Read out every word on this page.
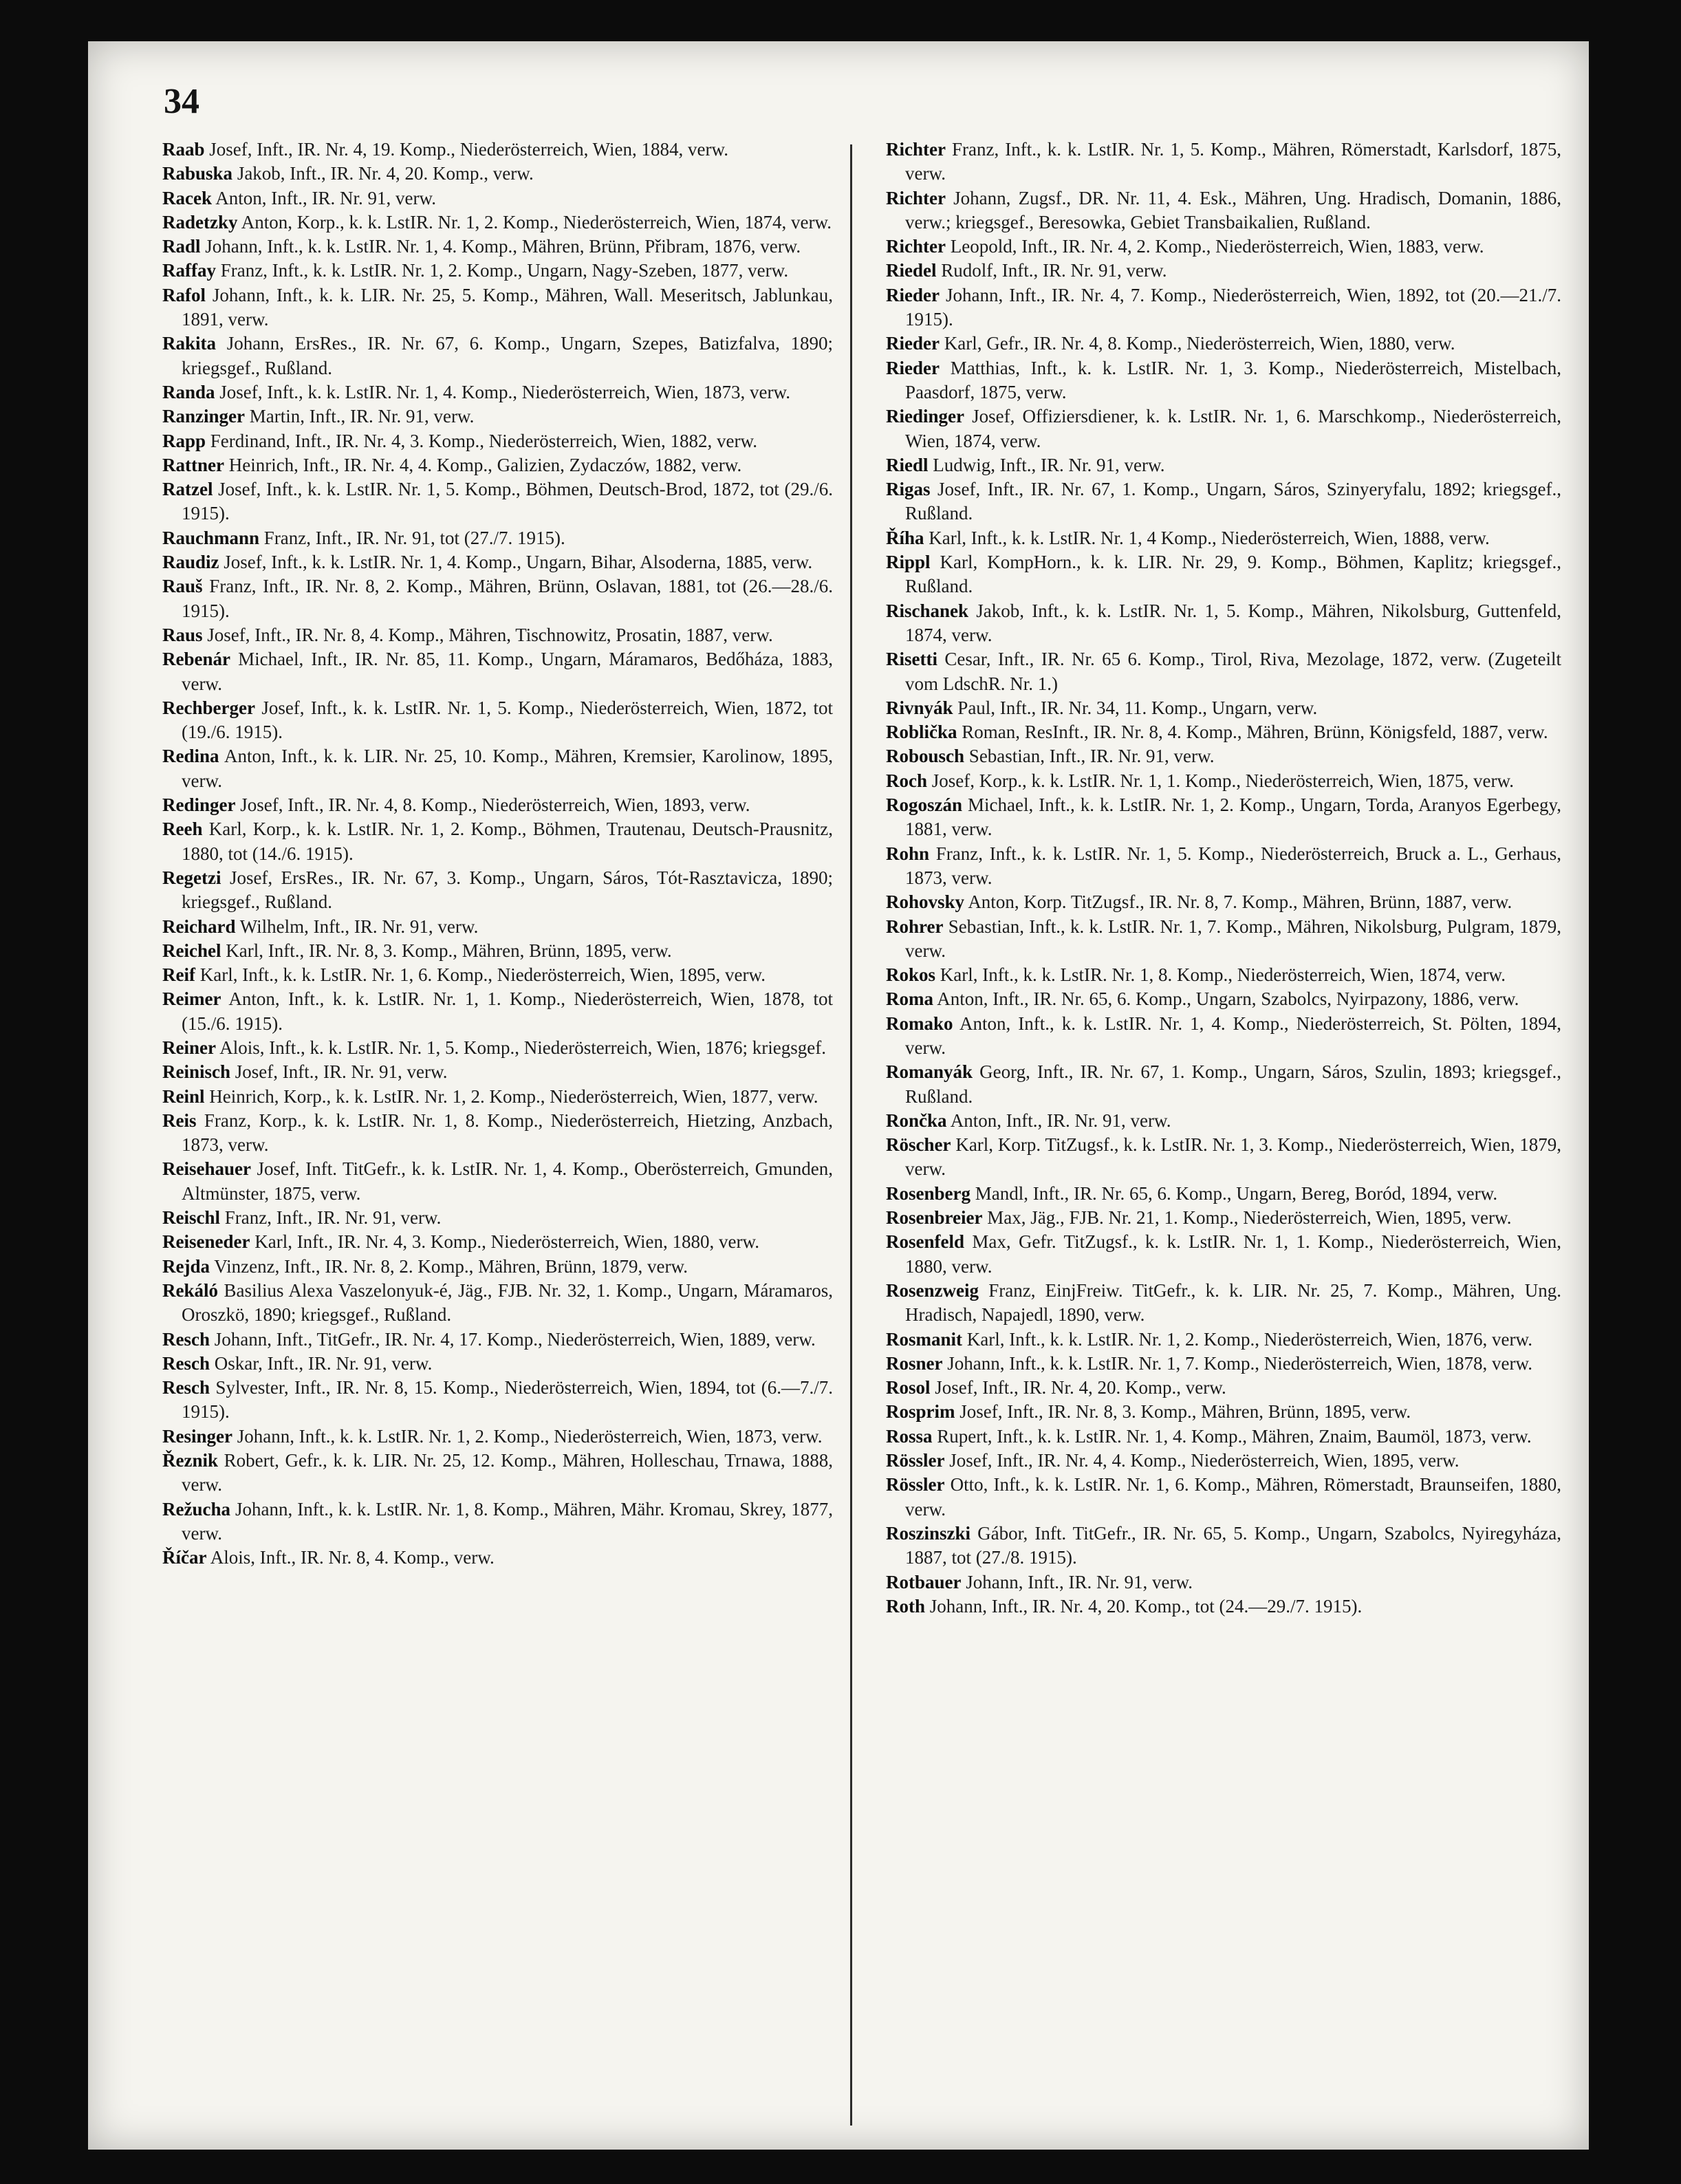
34
Raab Josef, Inft., IR. Nr. 4, 19. Komp., Niederösterreich, Wien, 1884, verw.
Rabuska Jakob, Inft., IR. Nr. 4, 20. Komp., verw.
Racek Anton, Inft., IR. Nr. 91, verw.
Radetzky Anton, Korp., k. k. LstIR. Nr. 1, 2. Komp., Niederösterreich, Wien, 1874, verw.
Radl Johann, Inft., k. k. LstIR. Nr. 1, 4. Komp., Mähren, Brünn, Přibram, 1876, verw.
Raffay Franz, Inft., k. k. LstIR. Nr. 1, 2. Komp., Ungarn, Nagy-Szeben, 1877, verw.
Rafol Johann, Inft., k. k. LIR. Nr. 25, 5. Komp., Mähren, Wall. Meseritsch, Jablunkau, 1891, verw.
Rakita Johann, ErsRes., IR. Nr. 67, 6. Komp., Ungarn, Szepes, Batizfalva, 1890; kriegsgef., Rußland.
Randa Josef, Inft., k. k. LstIR. Nr. 1, 4. Komp., Niederösterreich, Wien, 1873, verw.
Ranzinger Martin, Inft., IR. Nr. 91, verw.
Rapp Ferdinand, Inft., IR. Nr. 4, 3. Komp., Niederösterreich, Wien, 1882, verw.
Rattner Heinrich, Inft., IR. Nr. 4, 4. Komp., Galizien, Zydaczów, 1882, verw.
Ratzel Josef, Inft., k. k. LstIR. Nr. 1, 5. Komp., Böhmen, Deutsch-Brod, 1872, tot (29./6. 1915).
Rauchmann Franz, Inft., IR. Nr. 91, tot (27./7. 1915).
Raudiz Josef, Inft., k. k. LstIR. Nr. 1, 4. Komp., Ungarn, Bihar, Alsoderna, 1885, verw.
Rauš Franz, Inft., IR. Nr. 8, 2. Komp., Mähren, Brünn, Oslavan, 1881, tot (26.—28./6. 1915).
Raus Josef, Inft., IR. Nr. 8, 4. Komp., Mähren, Tischnowitz, Prosatin, 1887, verw.
Rebenár Michael, Inft., IR. Nr. 85, 11. Komp., Ungarn, Máramaros, Bedőháza, 1883, verw.
Rechberger Josef, Inft., k. k. LstIR. Nr. 1, 5. Komp., Niederösterreich, Wien, 1872, tot (19./6. 1915).
Redina Anton, Inft., k. k. LIR. Nr. 25, 10. Komp., Mähren, Kremsier, Karolinow, 1895, verw.
Redinger Josef, Inft., IR. Nr. 4, 8. Komp., Niederösterreich, Wien, 1893, verw.
Reeh Karl, Korp., k. k. LstIR. Nr. 1, 2. Komp., Böhmen, Trautenau, Deutsch-Prausnitz, 1880, tot (14./6. 1915).
Regetzi Josef, ErsRes., IR. Nr. 67, 3. Komp., Ungarn, Sáros, Tót-Rasztavicza, 1890; kriegsgef., Rußland.
Reichard Wilhelm, Inft., IR. Nr. 91, verw.
Reichel Karl, Inft., IR. Nr. 8, 3. Komp., Mähren, Brünn, 1895, verw.
Reif Karl, Inft., k. k. LstIR. Nr. 1, 6. Komp., Niederösterreich, Wien, 1895, verw.
Reimer Anton, Inft., k. k. LstIR. Nr. 1, 1. Komp., Niederösterreich, Wien, 1878, tot (15./6. 1915).
Reiner Alois, Inft., k. k. LstIR. Nr. 1, 5. Komp., Niederösterreich, Wien, 1876; kriegsgef.
Reinisch Josef, Inft., IR. Nr. 91, verw.
Reinl Heinrich, Korp., k. k. LstIR. Nr. 1, 2. Komp., Niederösterreich, Wien, 1877, verw.
Reis Franz, Korp., k. k. LstIR. Nr. 1, 8. Komp., Niederösterreich, Hietzing, Anzbach, 1873, verw.
Reisehauer Josef, Inft. TitGefr., k. k. LstIR. Nr. 1, 4. Komp., Oberösterreich, Gmunden, Altmünster, 1875, verw.
Reischl Franz, Inft., IR. Nr. 91, verw.
Reiseneder Karl, Inft., IR. Nr. 4, 3. Komp., Niederösterreich, Wien, 1880, verw.
Rejda Vinzenz, Inft., IR. Nr. 8, 2. Komp., Mähren, Brünn, 1879, verw.
Rekáló Basilius Alexa Vaszelonyuk-é, Jäg., FJB. Nr. 32, 1. Komp., Ungarn, Máramaros, Oroszkö, 1890; kriegsgef., Rußland.
Resch Johann, Inft., TitGefr., IR. Nr. 4, 17. Komp., Niederösterreich, Wien, 1889, verw.
Resch Oskar, Inft., IR. Nr. 91, verw.
Resch Sylvester, Inft., IR. Nr. 8, 15. Komp., Niederösterreich, Wien, 1894, tot (6.—7./7. 1915).
Resinger Johann, Inft., k. k. LstIR. Nr. 1, 2. Komp., Niederösterreich, Wien, 1873, verw.
Řeznik Robert, Gefr., k. k. LIR. Nr. 25, 12. Komp., Mähren, Holleschau, Trnawa, 1888, verw.
Režucha Johann, Inft., k. k. LstIR. Nr. 1, 8. Komp., Mähren, Mähr. Kromau, Skrey, 1877, verw.
Říčar Alois, Inft., IR. Nr. 8, 4. Komp., verw.
Richter Franz, Inft., k. k. LstIR. Nr. 1, 5. Komp., Mähren, Römerstadt, Karlsdorf, 1875, verw.
Richter Johann, Zugsf., DR. Nr. 11, 4. Esk., Mähren, Ung. Hradisch, Domanin, 1886, verw.; kriegsgef., Beresowka, Gebiet Transbaikalien, Rußland.
Richter Leopold, Inft., IR. Nr. 4, 2. Komp., Niederösterreich, Wien, 1883, verw.
Riedel Rudolf, Inft., IR. Nr. 91, verw.
Rieder Johann, Inft., IR. Nr. 4, 7. Komp., Niederösterreich, Wien, 1892, tot (20.—21./7. 1915).
Rieder Karl, Gefr., IR. Nr. 4, 8. Komp., Niederösterreich, Wien, 1880, verw.
Rieder Matthias, Inft., k. k. LstIR. Nr. 1, 3. Komp., Niederösterreich, Mistelbach, Paasdorf, 1875, verw.
Riedinger Josef, Offiziersdiener, k. k. LstIR. Nr. 1, 6. Marschkomp., Niederösterreich, Wien, 1874, verw.
Riedl Ludwig, Inft., IR. Nr. 91, verw.
Rigas Josef, Inft., IR. Nr. 67, 1. Komp., Ungarn, Sáros, Szinyeryfalu, 1892; kriegsgef., Rußland.
Říha Karl, Inft., k. k. LstIR. Nr. 1, 4 Komp., Niederösterreich, Wien, 1888, verw.
Rippl Karl, KompHorn., k. k. LIR. Nr. 29, 9. Komp., Böhmen, Kaplitz; kriegsgef., Rußland.
Rischanek Jakob, Inft., k. k. LstIR. Nr. 1, 5. Komp., Mähren, Nikolsburg, Guttenfeld, 1874, verw.
Risetti Cesar, Inft., IR. Nr. 65 6. Komp., Tirol, Riva, Mezolage, 1872, verw. (Zugeteilt vom LdschR. Nr. 1.)
Rivnyák Paul, Inft., IR. Nr. 34, 11. Komp., Ungarn, verw.
Roblička Roman, ResInft., IR. Nr. 8, 4. Komp., Mähren, Brünn, Königsfeld, 1887, verw.
Robousch Sebastian, Inft., IR. Nr. 91, verw.
Roch Josef, Korp., k. k. LstIR. Nr. 1, 1. Komp., Niederösterreich, Wien, 1875, verw.
Rogoszán Michael, Inft., k. k. LstIR. Nr. 1, 2. Komp., Ungarn, Torda, Aranyos Egerbegy, 1881, verw.
Rohn Franz, Inft., k. k. LstIR. Nr. 1, 5. Komp., Niederösterreich, Bruck a. L., Gerhaus, 1873, verw.
Rohovsky Anton, Korp. TitZugsf., IR. Nr. 8, 7. Komp., Mähren, Brünn, 1887, verw.
Rohrer Sebastian, Inft., k. k. LstIR. Nr. 1, 7. Komp., Mähren, Nikolsburg, Pulgram, 1879, verw.
Rokos Karl, Inft., k. k. LstIR. Nr. 1, 8. Komp., Niederösterreich, Wien, 1874, verw.
Roma Anton, Inft., IR. Nr. 65, 6. Komp., Ungarn, Szabolcs, Nyirpazony, 1886, verw.
Romako Anton, Inft., k. k. LstIR. Nr. 1, 4. Komp., Niederösterreich, St. Pölten, 1894, verw.
Romanyák Georg, Inft., IR. Nr. 67, 1. Komp., Ungarn, Sáros, Szulin, 1893; kriegsgef., Rußland.
Rončka Anton, Inft., IR. Nr. 91, verw.
Röscher Karl, Korp. TitZugsf., k. k. LstIR. Nr. 1, 3. Komp., Niederösterreich, Wien, 1879, verw.
Rosenberg Mandl, Inft., IR. Nr. 65, 6. Komp., Ungarn, Bereg, Boród, 1894, verw.
Rosenbreier Max, Jäg., FJB. Nr. 21, 1. Komp., Niederösterreich, Wien, 1895, verw.
Rosenfeld Max, Gefr. TitZugsf., k. k. LstIR. Nr. 1, 1. Komp., Niederösterreich, Wien, 1880, verw.
Rosenzweig Franz, EinjFreiw. TitGefr., k. k. LIR. Nr. 25, 7. Komp., Mähren, Ung. Hradisch, Napajedl, 1890, verw.
Rosmanit Karl, Inft., k. k. LstIR. Nr. 1, 2. Komp., Niederösterreich, Wien, 1876, verw.
Rosner Johann, Inft., k. k. LstIR. Nr. 1, 7. Komp., Niederösterreich, Wien, 1878, verw.
Rosol Josef, Inft., IR. Nr. 4, 20. Komp., verw.
Rosprim Josef, Inft., IR. Nr. 8, 3. Komp., Mähren, Brünn, 1895, verw.
Rossa Rupert, Inft., k. k. LstIR. Nr. 1, 4. Komp., Mähren, Znaim, Baumöl, 1873, verw.
Rössler Josef, Inft., IR. Nr. 4, 4. Komp., Niederösterreich, Wien, 1895, verw.
Rössler Otto, Inft., k. k. LstIR. Nr. 1, 6. Komp., Mähren, Römerstadt, Braunseifen, 1880, verw.
Roszinszki Gábor, Inft. TitGefr., IR. Nr. 65, 5. Komp., Ungarn, Szabolcs, Nyiregyháza, 1887, tot (27./8. 1915).
Rotbauer Johann, Inft., IR. Nr. 91, verw.
Roth Johann, Inft., IR. Nr. 4, 20. Komp., tot (24.—29./7. 1915).
